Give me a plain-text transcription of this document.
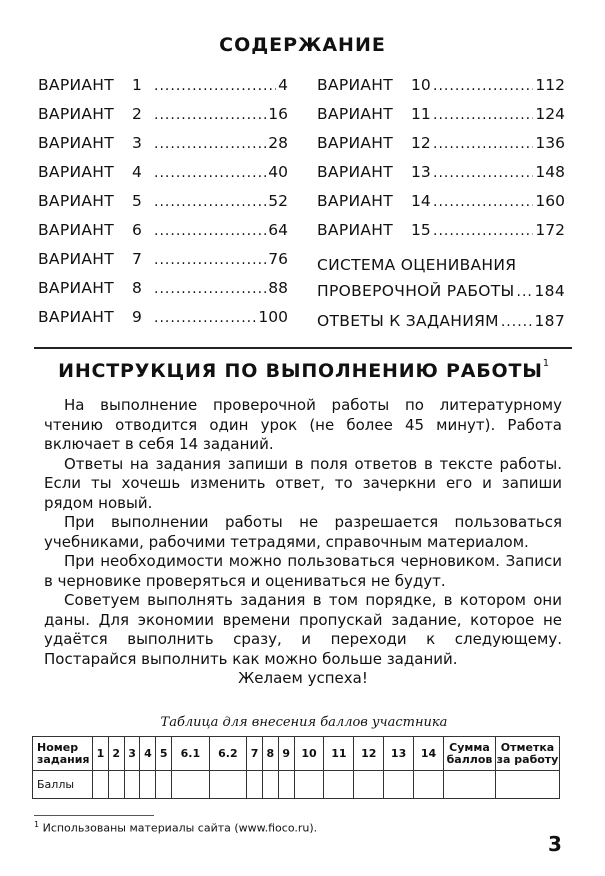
СОДЕРЖАНИЕ
ВАРИАНТ 1 .....	4
ВАРИАНТ 2 .....	16
ВАРИАНТ 3 .....	28
ВАРИАНТ 4 .....	40
ВАРИАНТ 5 .....	52
ВАРИАНТ 6 .....	64
ВАРИАНТ 7 .....	76
ВАРИАНТ 8 .....	88
ВАРИАНТ 9 .....	100
ВАРИАНТ 10 .....	112
ВАРИАНТ 11 .....	124
ВАРИАНТ 12 .....	136
ВАРИАНТ 13 .....	148
ВАРИАНТ 14 .....	160
ВАРИАНТ 15 .....	172
СИСТЕМА ОЦЕНИВАНИЯ
ПРОВЕРОЧНОЙ РАБОТЫ ..... 184
ОТВЕТЫ К ЗАДАНИЯМ ..... 187
ИНСТРУКЦИЯ ПО ВЫПОЛНЕНИЮ РАБОТЫ$^1$

На выполнение проверочной работы по литературному чтению отводится один урок (не более 45 минут). Работа включает в себя 14 заданий.

Ответы на задания запиши в поля ответов в тексте работы. Если ты хочешь изменить ответ, то зачеркни его и запиши рядом новый.

При выполнении работы не разрешается пользоваться учебниками, рабочими тетрадями, справочным материалом.

При необходимости можно пользоваться черновиком. Записи в черновике проверяться и оцениваться не будут.

Советуем выполнять задания в том порядке, в котором они даны. Для экономии времени пропускай задание, которое не удаётся выполнить сразу, и переходи к следующему. Постарайся выполнить как можно больше заданий.

Желаем успеха!

Таблица для внесения баллов участника
Номер задания	1	2	3	4	5	6.1	6.2	7	8	9	10	11	12	13	14	Сумма баллов	Отметка за работу
Баллы																	
$^1$ Использованы материалы сайта (www.fioco.ru).
3
